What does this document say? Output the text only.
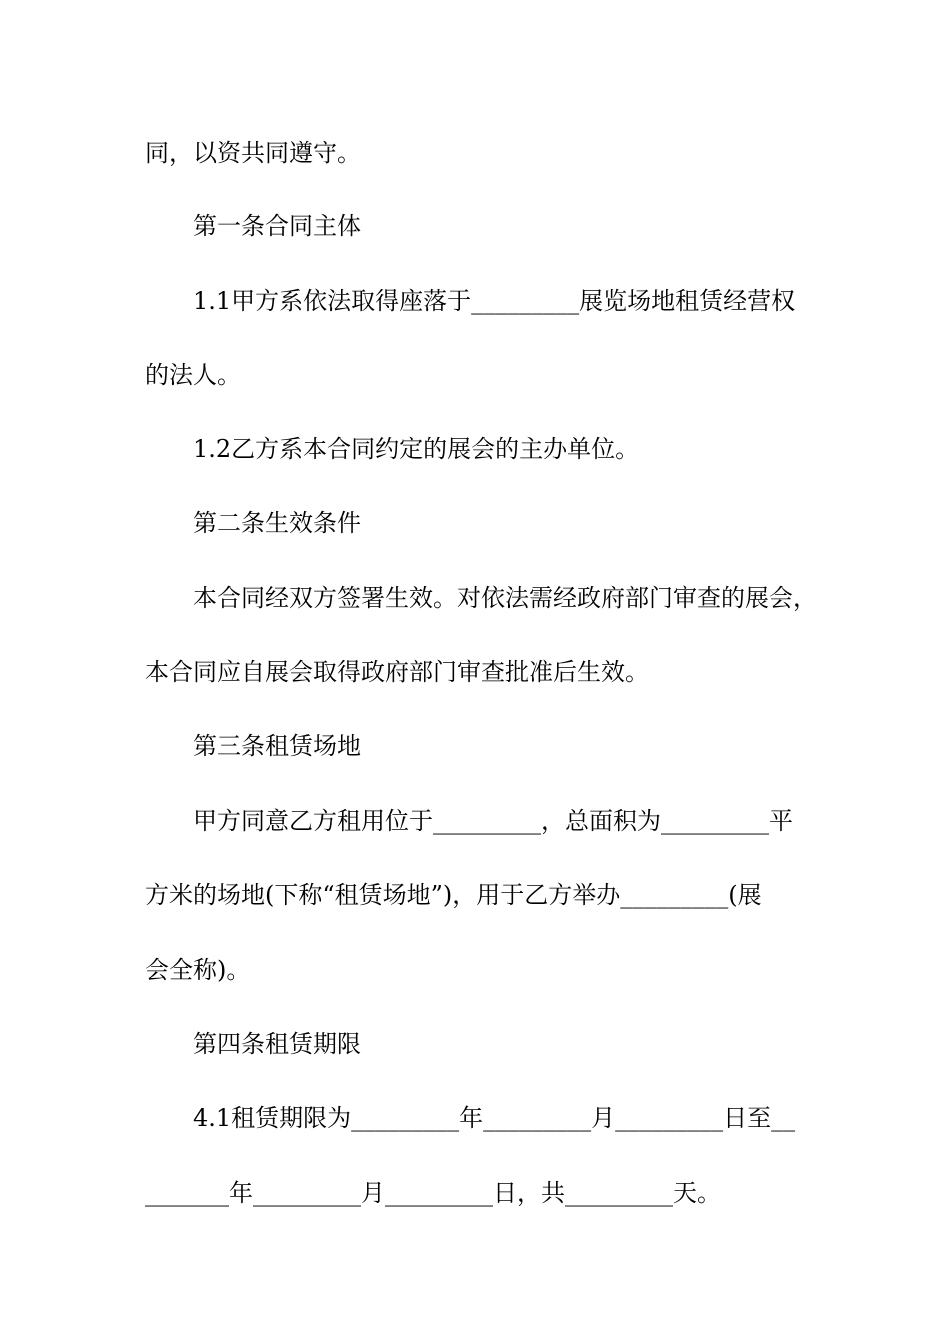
同，以资共同遵守。
第一条合同主体
1.1甲方系依法取得座落于_________展览场地租赁经营权
的法人。
1.2乙方系本合同约定的展会的主办单位。
第二条生效条件
本合同经双方签署生效。对依法需经政府部门审查的展会，
本合同应自展会取得政府部门审查批准后生效。
第三条租赁场地
甲方同意乙方租用位于_________，总面积为_________平
方米的场地(下称“租赁场地”)，用于乙方举办_________(展
会全称)。
第四条租赁期限
4.1租赁期限为_________年_________月_________日至__
_______年_________月_________日，共_________天。
